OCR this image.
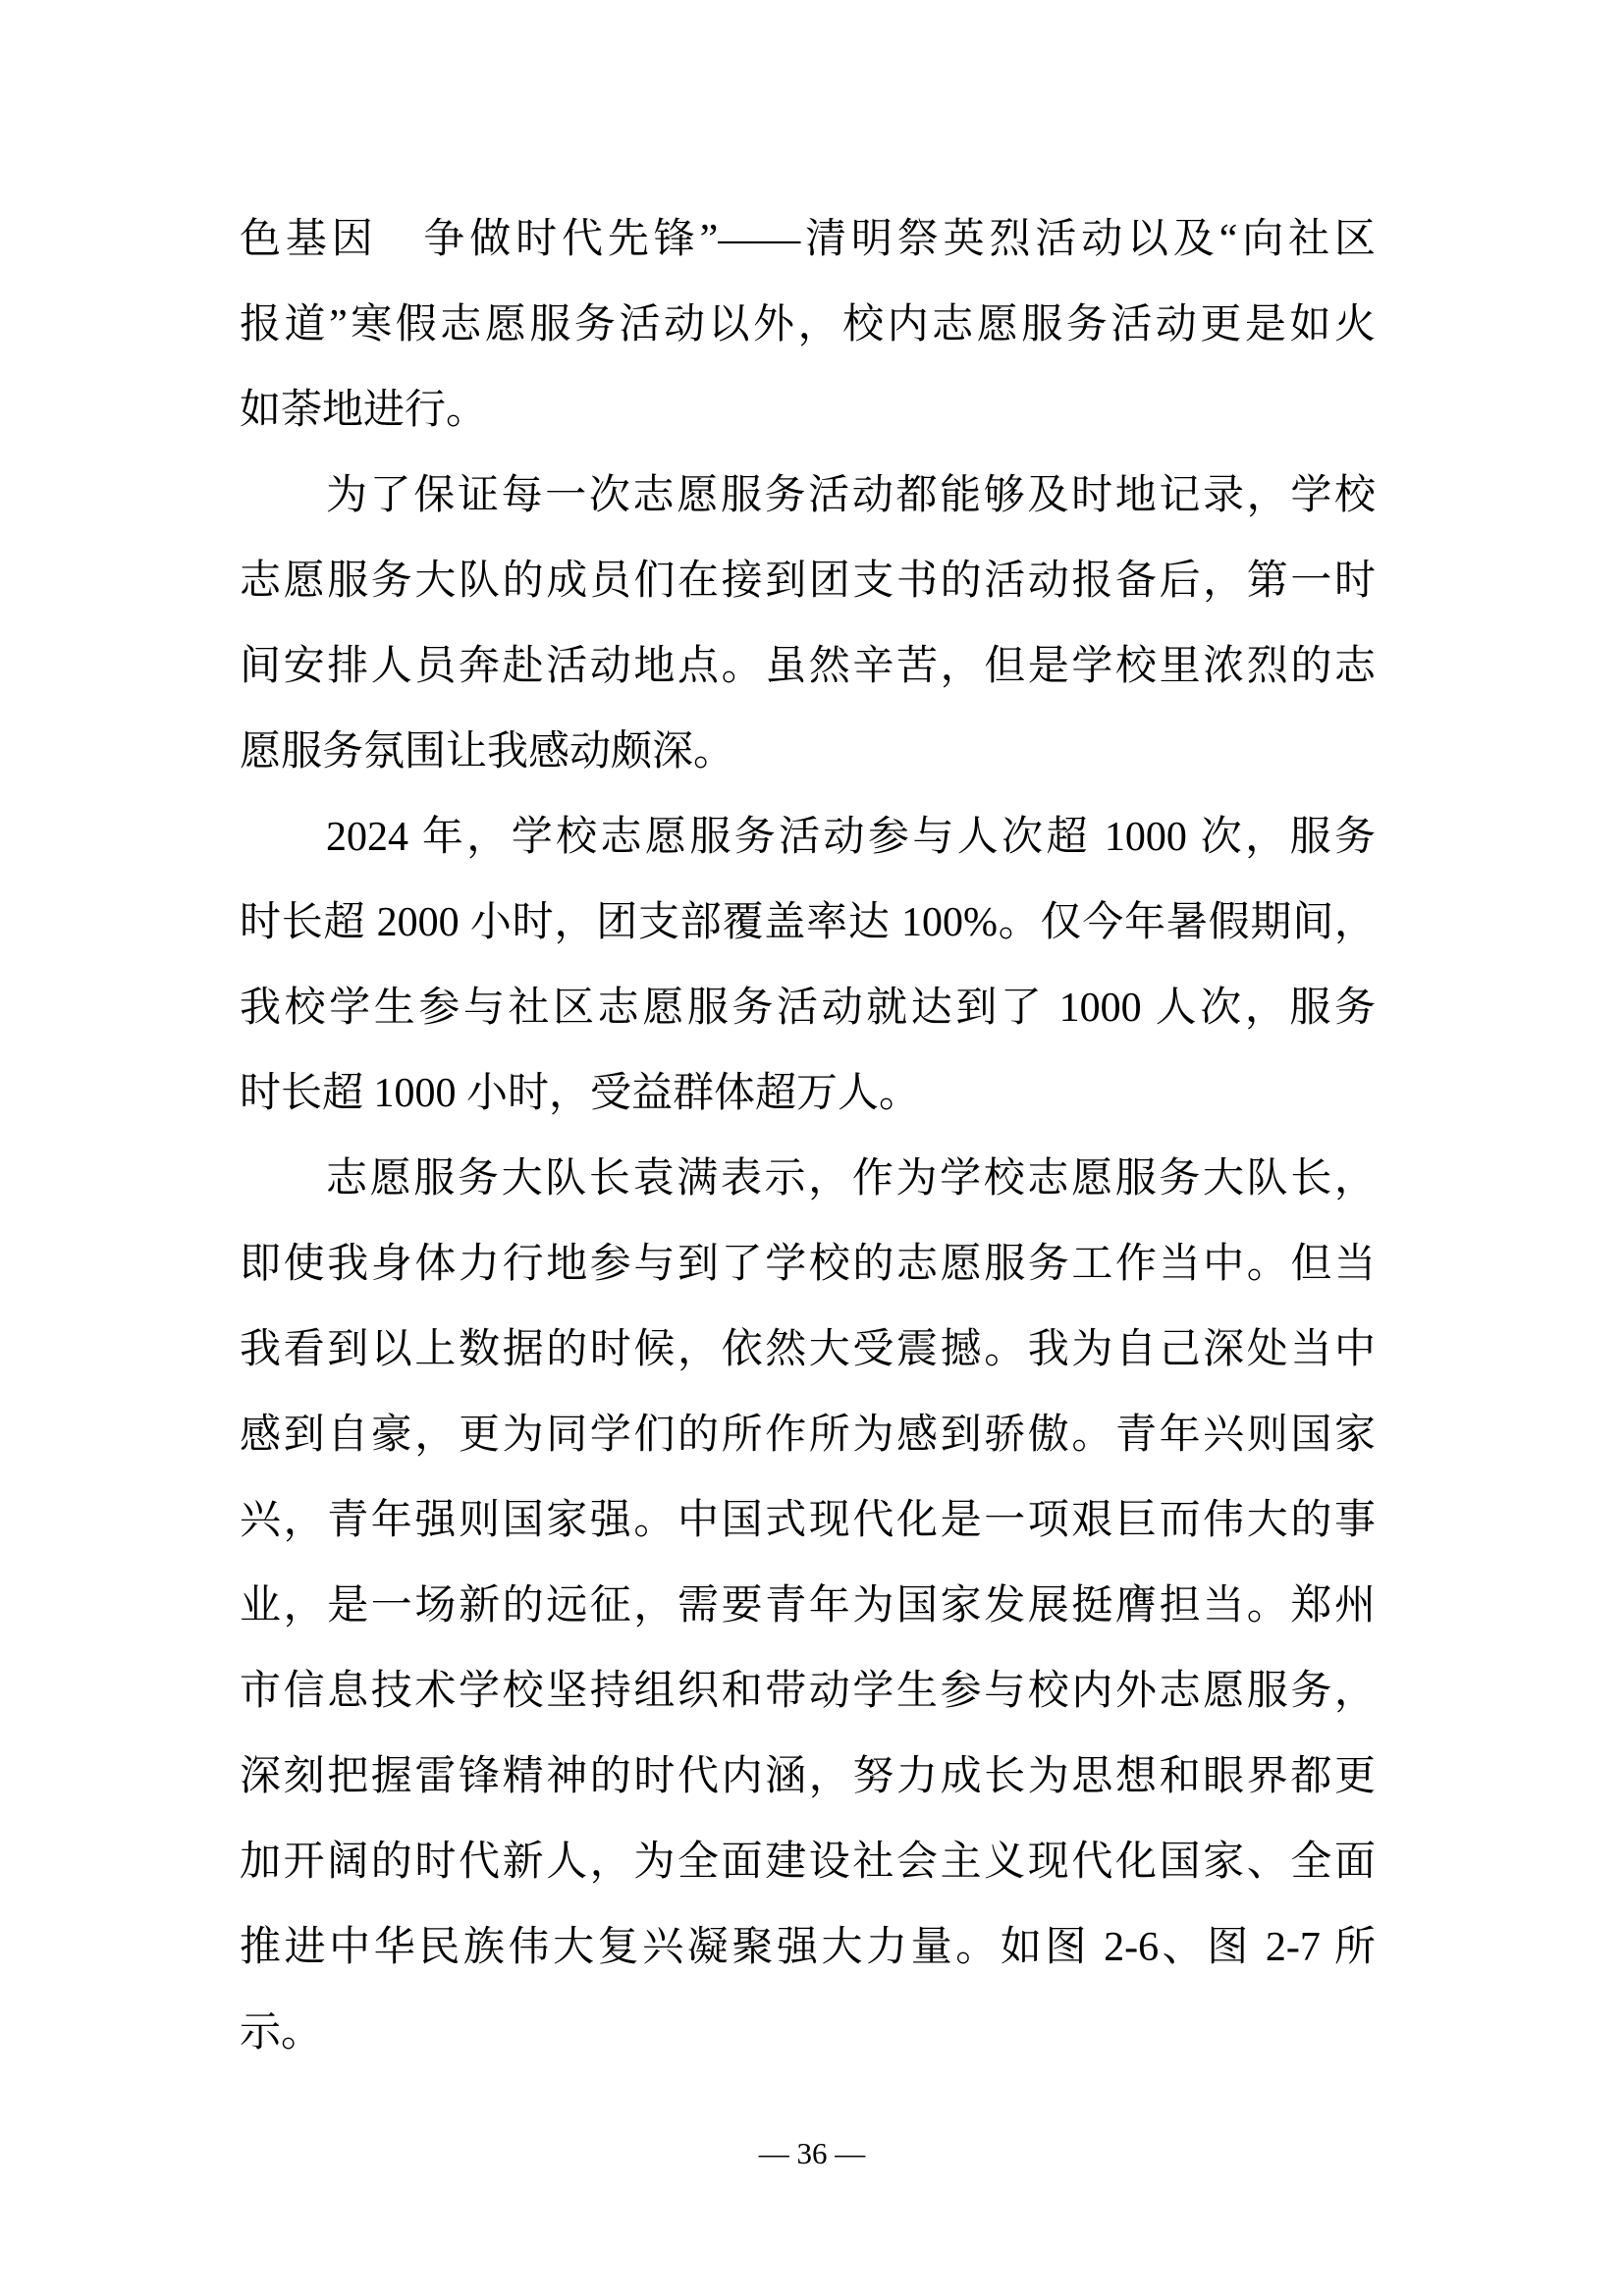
色基因　争做时代先锋”——清明祭英烈活动以及“向社区
报道”寒假志愿服务活动以外，校内志愿服务活动更是如火
如荼地进行。
为了保证每一次志愿服务活动都能够及时地记录，学校
志愿服务大队的成员们在接到团支书的活动报备后，第一时
间安排人员奔赴活动地点。虽然辛苦，但是学校里浓烈的志
愿服务氛围让我感动颇深。
2024 年，学校志愿服务活动参与人次超 1000 次，服务
时长超 2000 小时，团支部覆盖率达 100%。仅今年暑假期间，
我校学生参与社区志愿服务活动就达到了 1000 人次，服务
时长超 1000 小时，受益群体超万人。
志愿服务大队长袁满表示，作为学校志愿服务大队长，
即使我身体力行地参与到了学校的志愿服务工作当中。但当
我看到以上数据的时候，依然大受震撼。我为自己深处当中
感到自豪，更为同学们的所作所为感到骄傲。青年兴则国家
兴，青年强则国家强。中国式现代化是一项艰巨而伟大的事
业，是一场新的远征，需要青年为国家发展挺膺担当。郑州
市信息技术学校坚持组织和带动学生参与校内外志愿服务，
深刻把握雷锋精神的时代内涵，努力成长为思想和眼界都更
加开阔的时代新人，为全面建设社会主义现代化国家、全面
推进中华民族伟大复兴凝聚强大力量。如图 2-6、图 2-7 所
示。
— 36 —
